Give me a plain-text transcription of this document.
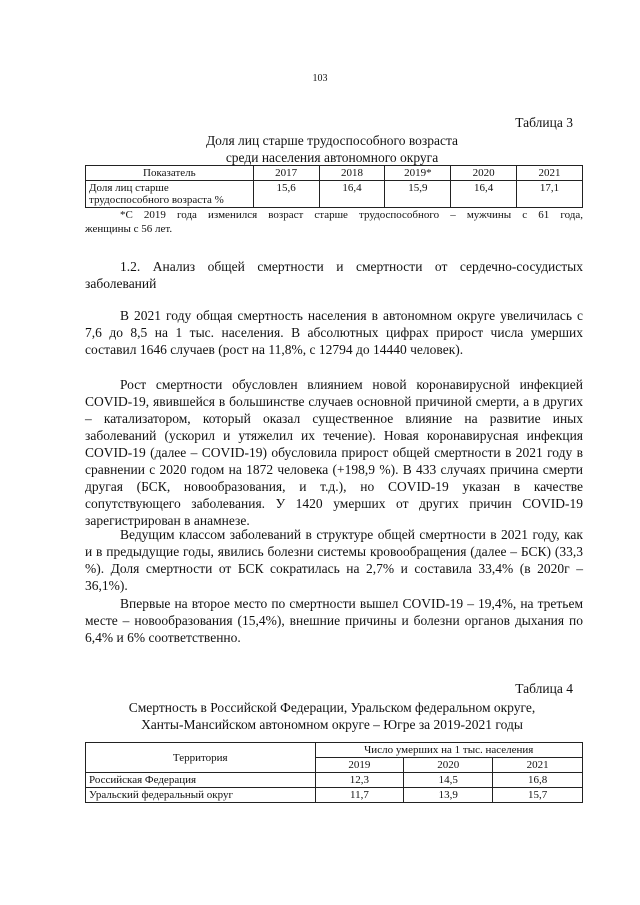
103
Таблица 3
Доля лиц старше трудоспособного возраста
среди населения автономного округа
Показатель	2017	2018	2019*	2020	2021

Доля лиц старше
трудоспособного возраста %	15,6	16,4	15,9	16,4	17,1
*С 2019 года изменился возраст старше трудоспособного – мужчины с 61 года,
женщины с 56 лет.

1.2. Анализ общей смертности и смертности от сердечно-сосудистых заболеваний

В 2021 году общая смертность населения в автономном округе увеличилась с 7,6 до 8,5 на 1 тыс. населения. В абсолютных цифрах прирост числа умерших составил 1646 случаев (рост на 11,8%, с 12794 до 14440 человек).

Рост смертности обусловлен влиянием новой коронавирусной инфекцией COVID-19, явившейся в большинстве случаев основной причиной смерти, а в других – катализатором, который оказал существенное влияние на развитие иных заболеваний (ускорил и утяжелил их течение). Новая коронавирусная инфекция COVID-19 (далее – COVID-19) обусловила прирост общей смертности в 2021 году в сравнении с 2020 годом на 1872 человека (+198,9 %). В 433 случаях причина смерти другая (БСК, новообразования, и т.д.), но COVID-19 указан в качестве сопутствующего заболевания. У 1420 умерших от других причин COVID-19 зарегистрирован в анамнезе.

Ведущим классом заболеваний в структуре общей смертности в 2021 году, как и в предыдущие годы, явились болезни системы кровообращения (далее – БСК) (33,3 %). Доля смертности от БСК сократилась на 2,7% и составила 33,4% (в 2020г – 36,1%).

Впервые на второе место по смертности вышел COVID-19 – 19,4%, на третьем месте – новообразования (15,4%), внешние причины и болезни органов дыхания по 6,4% и 6% соответственно.

Таблица 4
Смертность в Российской Федерации, Уральском федеральном округе,
Ханты-Мансийском автономном округе – Югре за 2019-2021 годы
Территория	Число умерших на 1 тыс. населения		
	2019	2020	2021
Российская Федерация	12,3	14,5	16,8
Уральский федеральный округ	11,7	13,9	15,7
